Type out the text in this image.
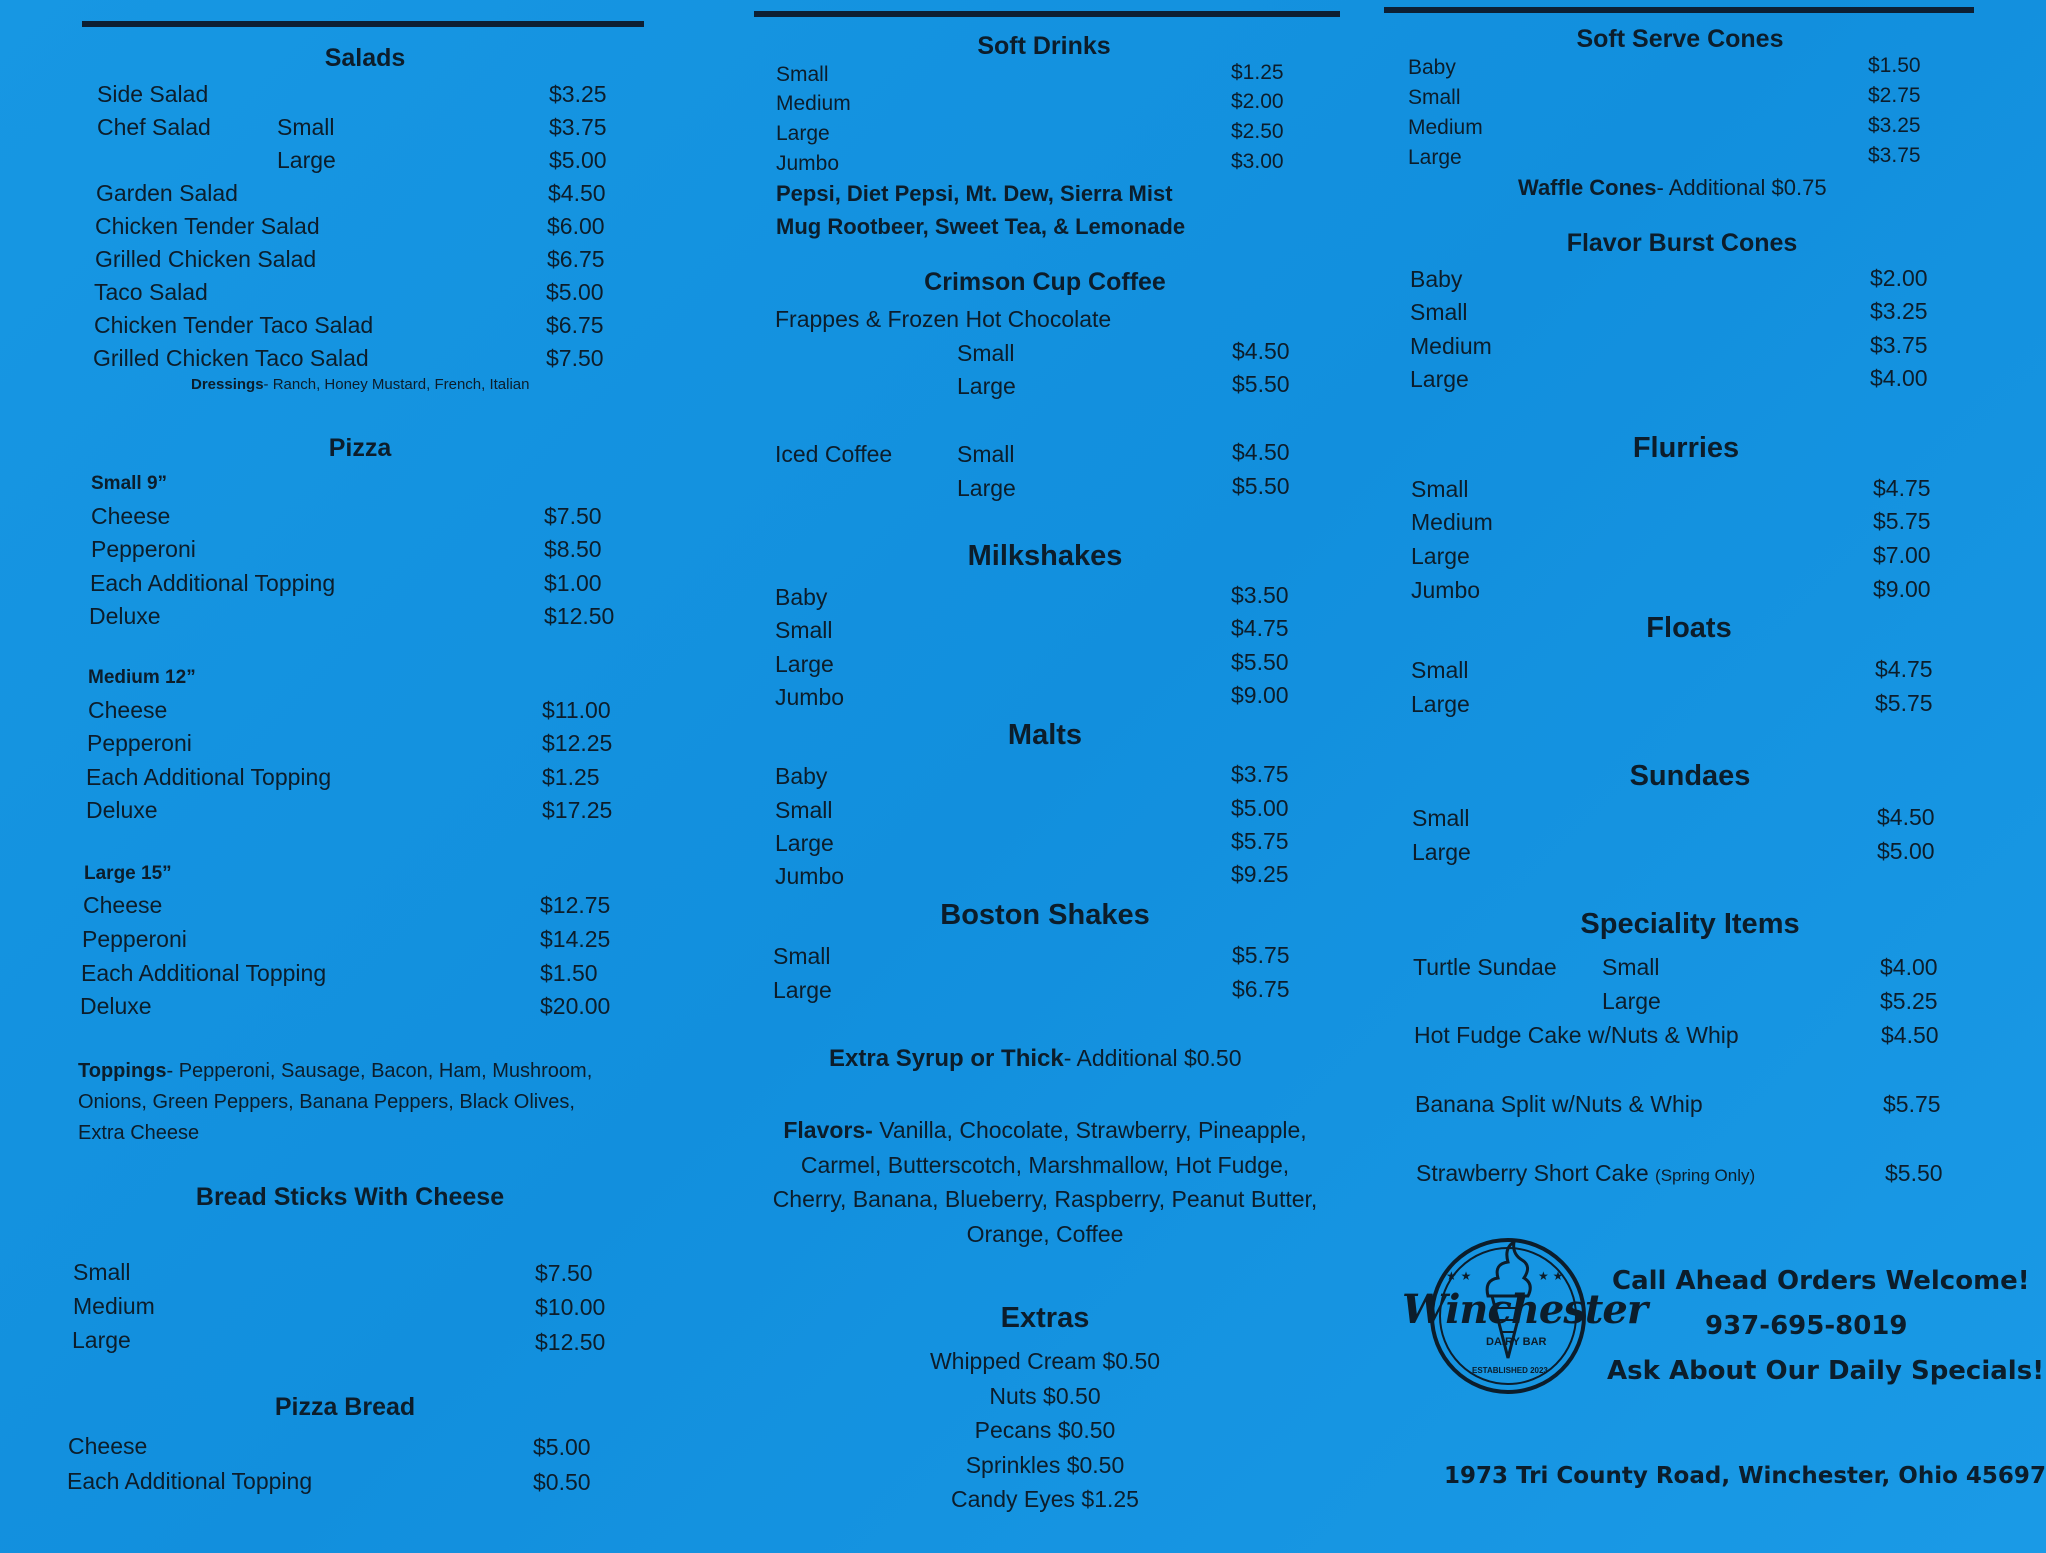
Salads
Side Salad	$3.25
Chef Salad	Small	$3.75
Large	$5.00
Garden Salad	$4.50
Chicken Tender Salad	$6.00
Grilled Chicken Salad	$6.75
Taco Salad	$5.00
Chicken Tender Taco Salad	$6.75
Grilled Chicken Taco Salad	$7.50
Dressings- Ranch, Honey Mustard, French, Italian
Pizza
Small 9”
Cheese	$7.50
Pepperoni	$8.50
Each Additional Topping	$1.00
Deluxe	$12.50
Medium 12”
Cheese	$11.00
Pepperoni	$12.25
Each Additional Topping	$1.25
Deluxe	$17.25
Large 15”
Cheese	$12.75
Pepperoni	$14.25
Each Additional Topping	$1.50
Deluxe	$20.00
Toppings- Pepperoni, Sausage, Bacon, Ham, Mushroom,
Onions, Green Peppers, Banana Peppers, Black Olives,
Extra Cheese
Bread Sticks With Cheese
Small	$7.50
Medium	$10.00
Large	$12.50
Pizza Bread
Cheese	$5.00
Each Additional Topping	$0.50
Soft Drinks
Small	$1.25
Medium	$2.00
Large	$2.50
Jumbo	$3.00
Pepsi, Diet Pepsi, Mt. Dew, Sierra Mist
Mug Rootbeer, Sweet Tea, & Lemonade
Crimson Cup Coffee
Frappes & Frozen Hot Chocolate
Small	$4.50
Large	$5.50
Iced Coffee	Small	$4.50
Large	$5.50
Milkshakes
Baby	$3.50
Small	$4.75
Large	$5.50
Jumbo	$9.00
Malts
Baby	$3.75
Small	$5.00
Large	$5.75
Jumbo	$9.25
Boston Shakes
Small	$5.75
Large	$6.75
Extra Syrup or Thick- Additional $0.50
Flavors- Vanilla, Chocolate, Strawberry, Pineapple,
Carmel, Butterscotch, Marshmallow, Hot Fudge,
Cherry, Banana, Blueberry, Raspberry, Peanut Butter,
Orange, Coffee
Extras
Whipped Cream $0.50
Nuts $0.50
Pecans $0.50
Sprinkles $0.50
Candy Eyes $1.25
Soft Serve Cones
Baby	$1.50
Small	$2.75
Medium	$3.25
Large	$3.75
Waffle Cones- Additional $0.75
Flavor Burst Cones
Baby	$2.00
Small	$3.25
Medium	$3.75
Large	$4.00
Flurries
Small	$4.75
Medium	$5.75
Large	$7.00
Jumbo	$9.00
Floats
Small	$4.75
Large	$5.75
Sundaes
Small	$4.50
Large	$5.00
Speciality Items
Turtle Sundae Small	$4.00
Large	$5.25
Hot Fudge Cake w/Nuts & Whip	$4.50
Banana Split w/Nuts & Whip	$5.75
Strawberry Short Cake (Spring Only)	$5.50
★ ★	★ ★
Winchester
DAIRY BAR
ESTABLISHED 2023
Call Ahead Orders Welcome!
937-695-8019
Ask About Our Daily Specials!
1973 Tri County Road, Winchester, Ohio 45697
